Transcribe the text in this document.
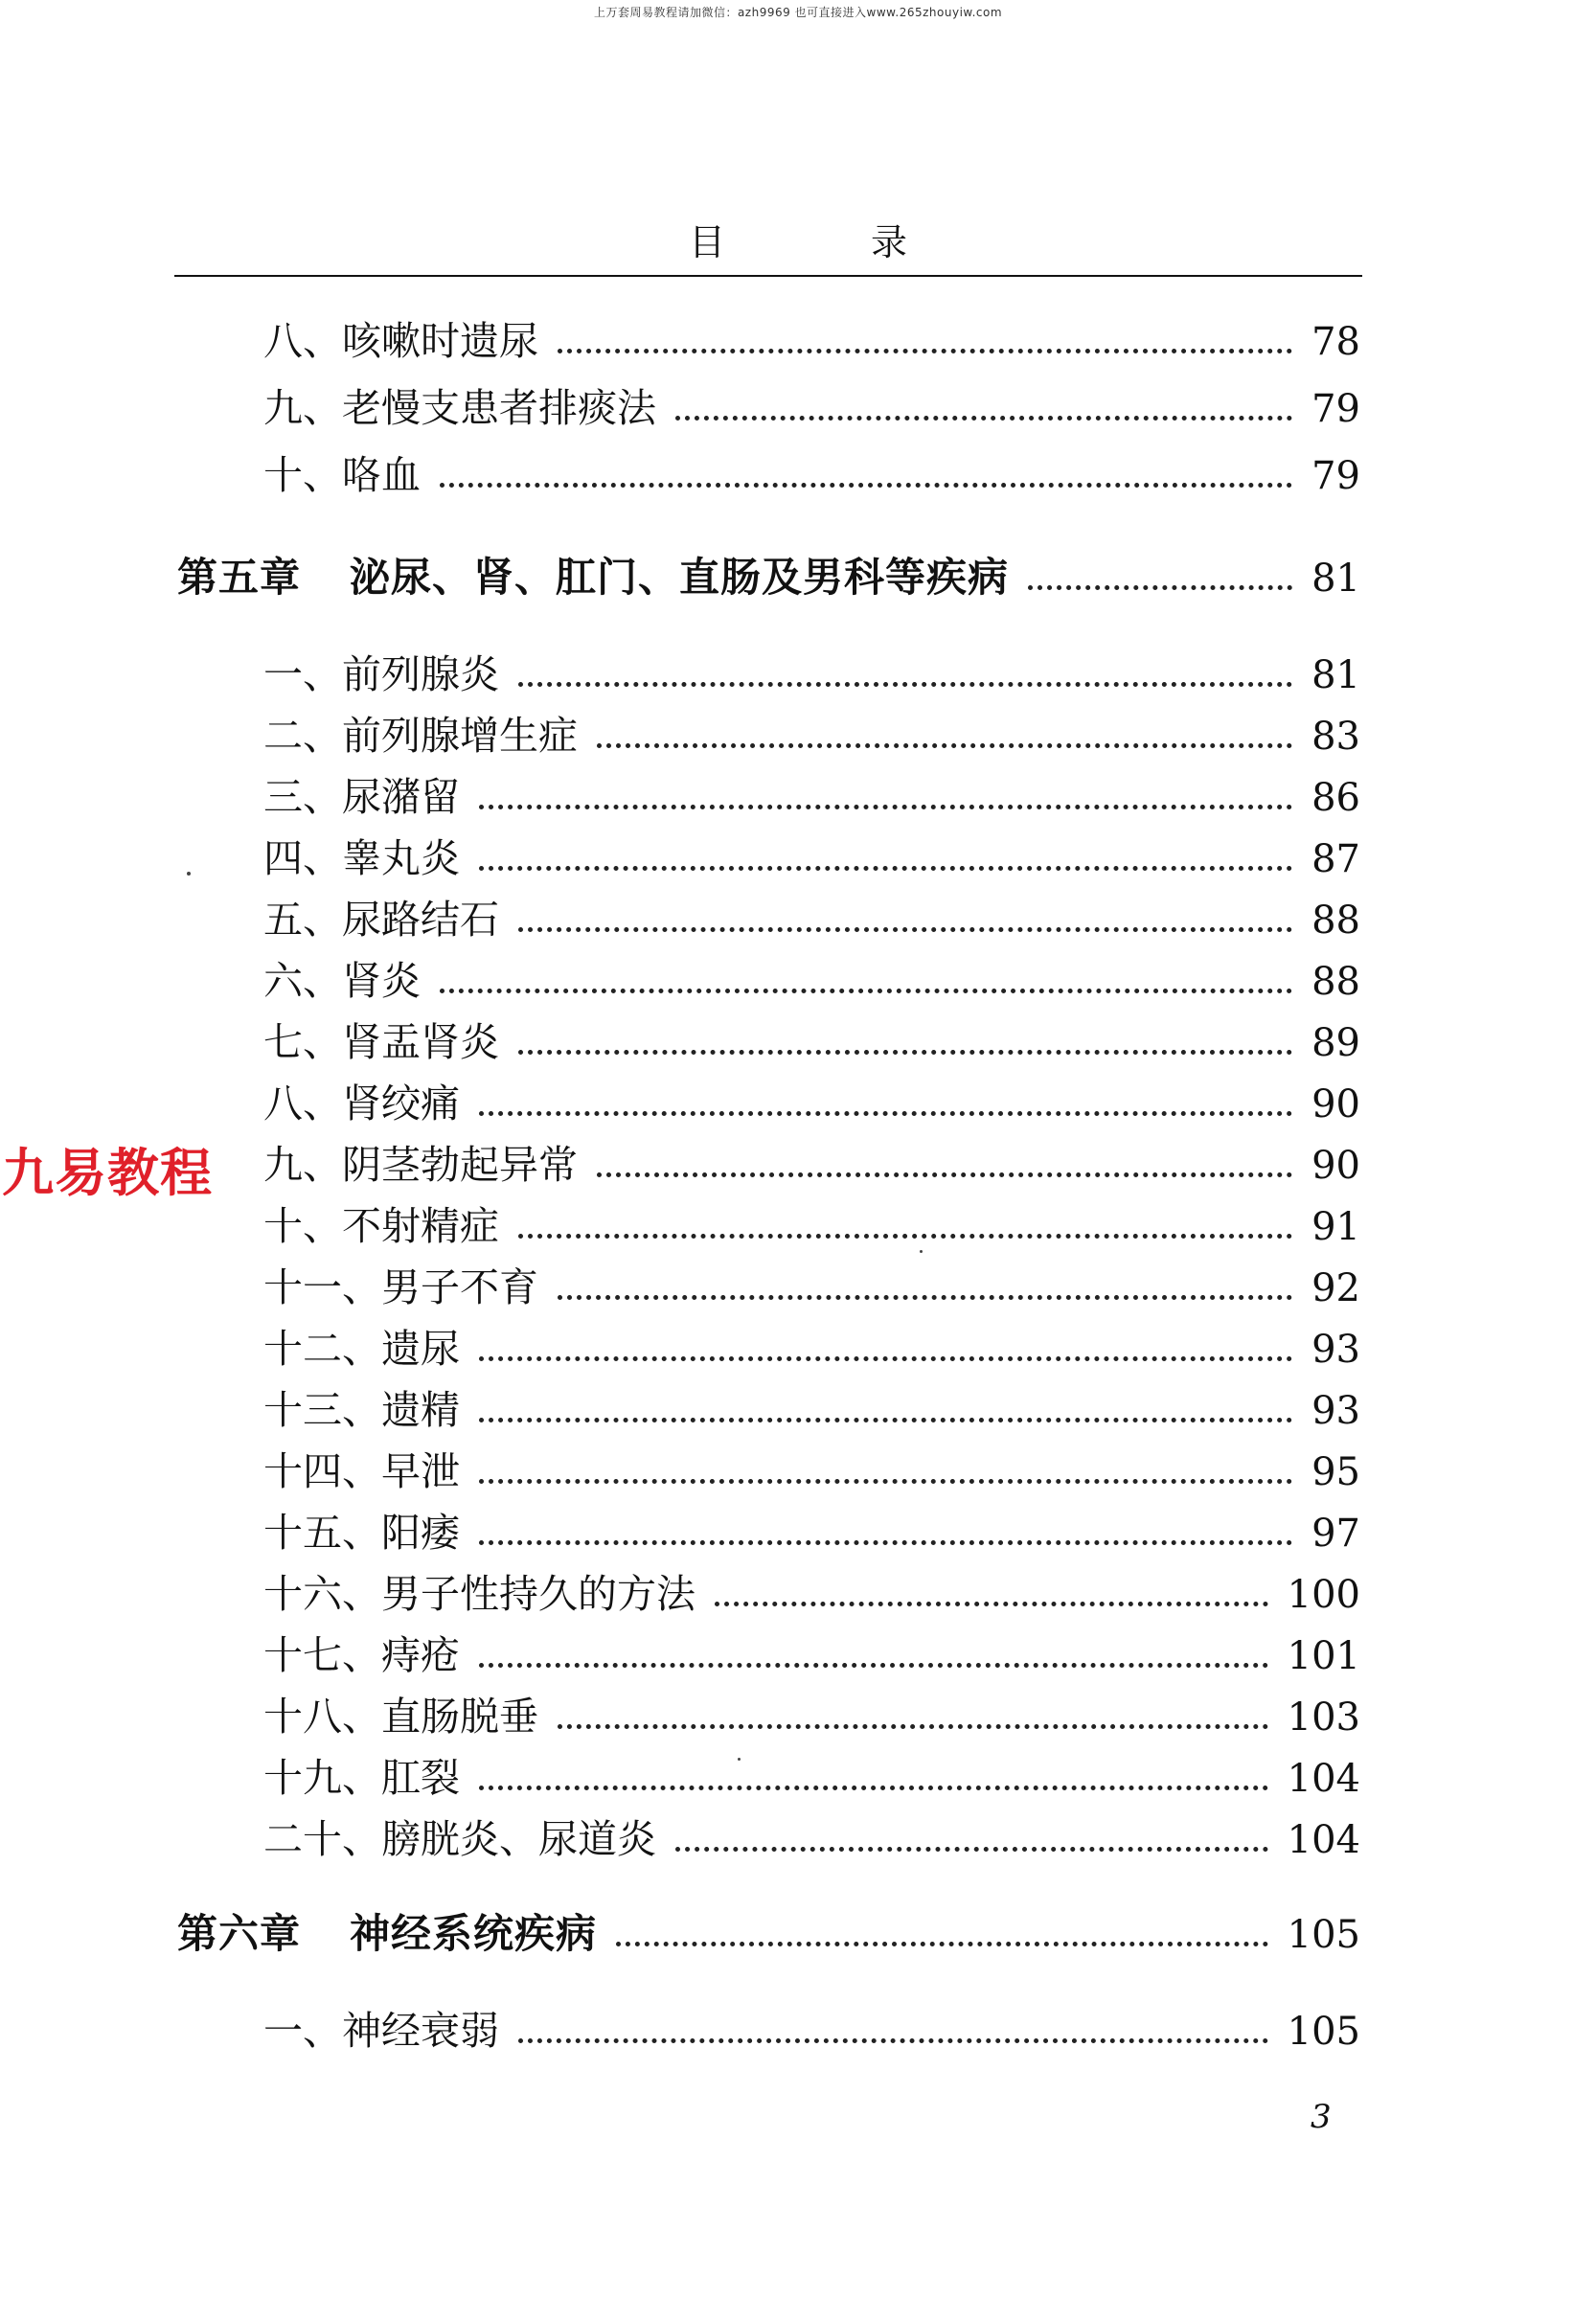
上万套周易教程请加微信：azh9969 也可直接进入www.265zhouyiw.com
目 录
八、咳嗽时遗尿	78
九、老慢支患者排痰法	79
十、咯血	79
第五章 泌尿、肾、肛门、直肠及男科等疾病	81
一、前列腺炎	81
二、前列腺增生症	83
三、尿潴留	86
四、睾丸炎	87
五、尿路结石	88
六、肾炎	88
七、肾盂肾炎	89
八、肾绞痛	90
九、阴茎勃起异常	90
十、不射精症	91
十一、男子不育	92
十二、遗尿	93
十三、遗精	93
十四、早泄	95
十五、阳痿	97
十六、男子性持久的方法	100
十七、痔疮	101
十八、直肠脱垂	103
十九、肛裂	104
二十、膀胱炎、尿道炎	104
第六章 神经系统疾病	105
一、神经衰弱	105
九易教程
3
